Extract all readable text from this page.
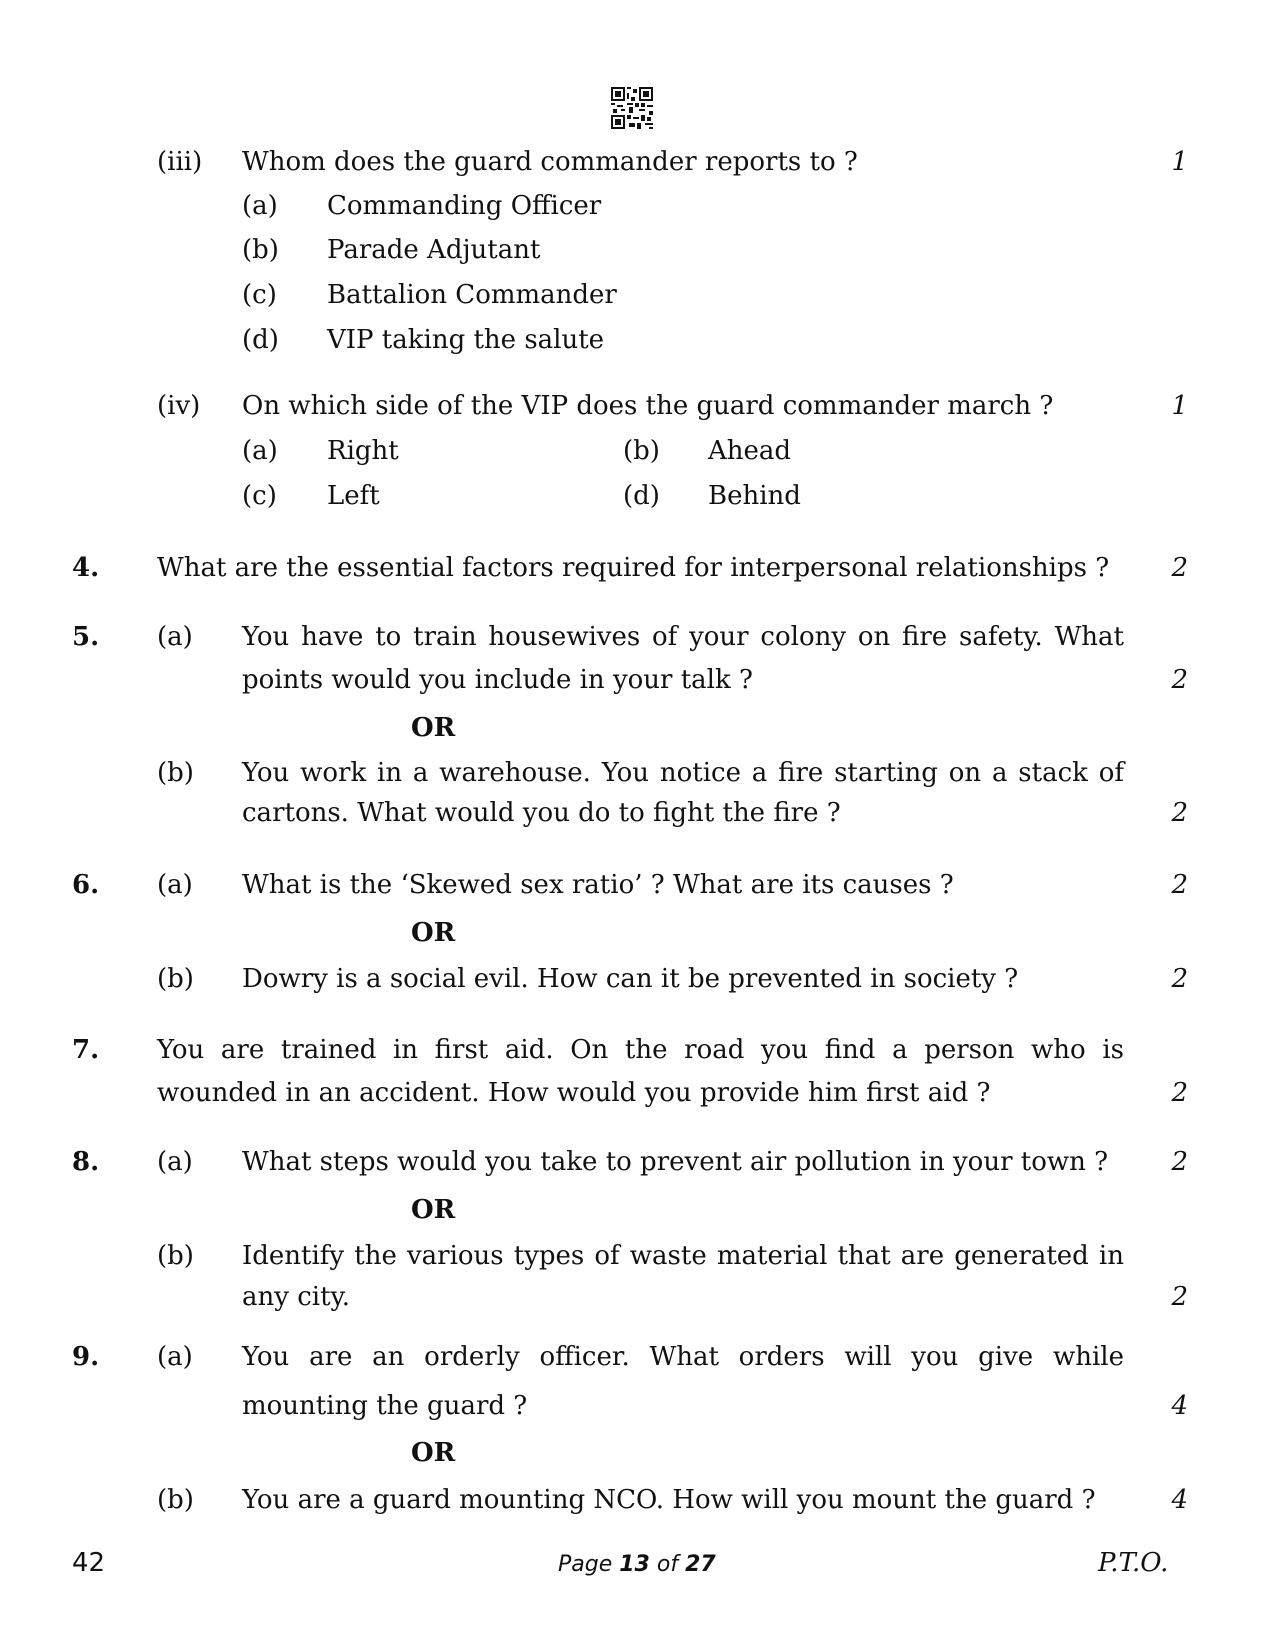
(iii) Whom does the guard commander reports to ?	1
(a) Commanding Officer
(b) Parade Adjutant
(c) Battalion Commander
(d) VIP taking the salute
(iv) On which side of the VIP does the guard commander march ?	1
(a) Right	(b) Ahead
(c) Left	(d) Behind
4. What are the essential factors required for interpersonal relationships ?	2
5. (a) You have to train housewives of your colony on fire safety. What
points would you include in your talk ?	2
OR
(b) You work in a warehouse. You notice a fire starting on a stack of
cartons. What would you do to fight the fire ?	2
6. (a) What is the ‘Skewed sex ratio’ ? What are its causes ?	2
OR
(b) Dowry is a social evil. How can it be prevented in society ?	2
7. You are trained in first aid. On the road you find a person who is
wounded in an accident. How would you provide him first aid ?	2
8. (a) What steps would you take to prevent air pollution in your town ?	2
OR
(b) Identify the various types of waste material that are generated in
any city.	2
9. (a) You are an orderly officer. What orders will you give while
mounting the guard ?	4
OR
(b) You are a guard mounting NCO. How will you mount the guard ?	4
42	Page 13 of 27	P.T.O.
